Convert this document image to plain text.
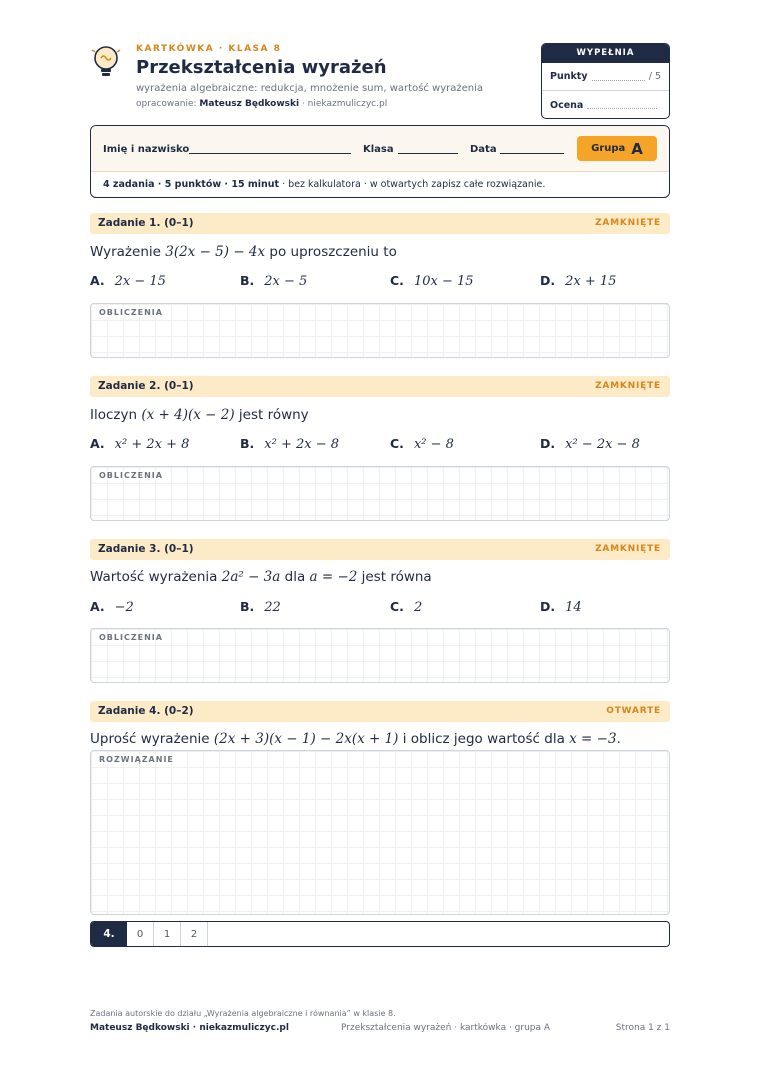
KARTKÓWKA · KLASA 8
Przekształcenia wyrażeń
wyrażenia algebraiczne: redukcja, mnożenie sum, wartość wyrażenia
opracowanie: Mateusz Będkowski · niekazmuliczyc.pl
WYPEŁNIA NAUCZYCIEL
Punkty	/ 5
Ocena
Imię i nazwisko	Klasa	Data	Grupa A
4 zadania · 5 punktów · 15 minut · bez kalkulatora · w otwartych zapisz całe rozwiązanie.
Zadanie 1. (0–1)	ZAMKNIĘTE
Wyrażenie 3(2x − 5) − 4x po uproszczeniu to
A. 2x − 15	B. 2x − 5	C. 10x − 15	D. 2x + 15
OBLICZENIA
Zadanie 2. (0–1)	ZAMKNIĘTE
Iloczyn (x + 4)(x − 2) jest równy
A. x² + 2x + 8	B. x² + 2x − 8	C. x² − 8	D. x² − 2x − 8
OBLICZENIA
Zadanie 3. (0–1)	ZAMKNIĘTE
Wartość wyrażenia 2a² − 3a dla a = −2 jest równa
A. −2	B. 22	C. 2	D. 14
OBLICZENIA
Zadanie 4. (0–2)	OTWARTE
Uprość wyrażenie (2x + 3)(x − 1) − 2x(x + 1) i oblicz jego wartość dla x = −3.
ROZWIĄZANIE
4.	0	1	2
Zadania autorskie do działu „Wyrażenia algebraiczne i równania” w klasie 8.
Mateusz Będkowski · niekazmuliczyc.pl	Przekształcenia wyrażeń · kartkówka · grupa A	Strona 1 z 1
